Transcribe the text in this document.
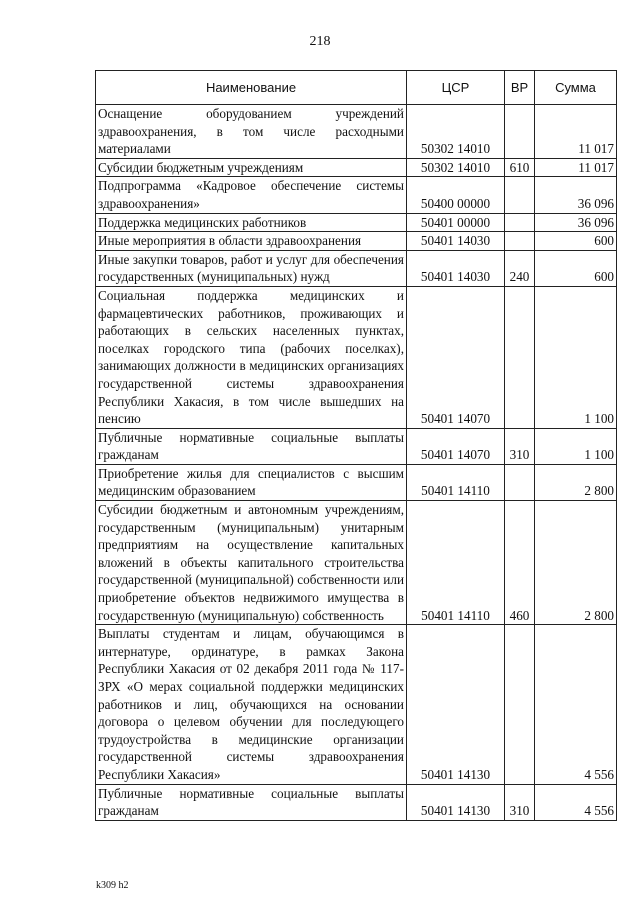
218
Наименование	ЦСР	ВР	Сумма
Оснащение оборудованием учреждений здравоохранения, в том числе расходными материалами	50302 14010		11 017
Субсидии бюджетным учреждениям	50302 14010	610	11 017
Подпрограмма «Кадровое обеспечение системы здравоохранения»	50400 00000		36 096
Поддержка медицинских работников	50401 00000		36 096
Иные мероприятия в области здравоохранения	50401 14030		600
Иные закупки товаров, работ и услуг для обеспечения государственных (муниципальных) нужд	50401 14030	240	600
Социальная поддержка медицинских и фармацевтических работников, проживающих и работающих в сельских населенных пунктах, поселках городского типа (рабочих поселках), занимающих должности в медицинских организациях государственной системы здравоохранения Республики Хакасия, в том числе вышедших на пенсию	50401 14070		1 100
Публичные нормативные социальные выплаты гражданам	50401 14070	310	1 100
Приобретение жилья для специалистов с высшим медицинским образованием	50401 14110		2 800
Субсидии бюджетным и автономным учреждениям, государственным (муниципальным) унитарным предприятиям на осуществление капитальных вложений в объекты капитального строительства государственной (муниципальной) собственности или приобретение объектов недвижимого имущества в государственную (муниципальную) собственность	50401 14110	460	2 800
Выплаты студентам и лицам, обучающимся в интернатуре, ординатуре, в рамках Закона Республики Хакасия от 02 декабря 2011 года № 117-ЗРХ «О мерах социальной поддержки медицинских работников и лиц, обучающихся на основании договора о целевом обучении для последующего трудоустройства в медицинские организации государственной системы здравоохранения Республики Хакасия»	50401 14130		4 556
Публичные нормативные социальные выплаты гражданам	50401 14130	310	4 556
k309 h2
